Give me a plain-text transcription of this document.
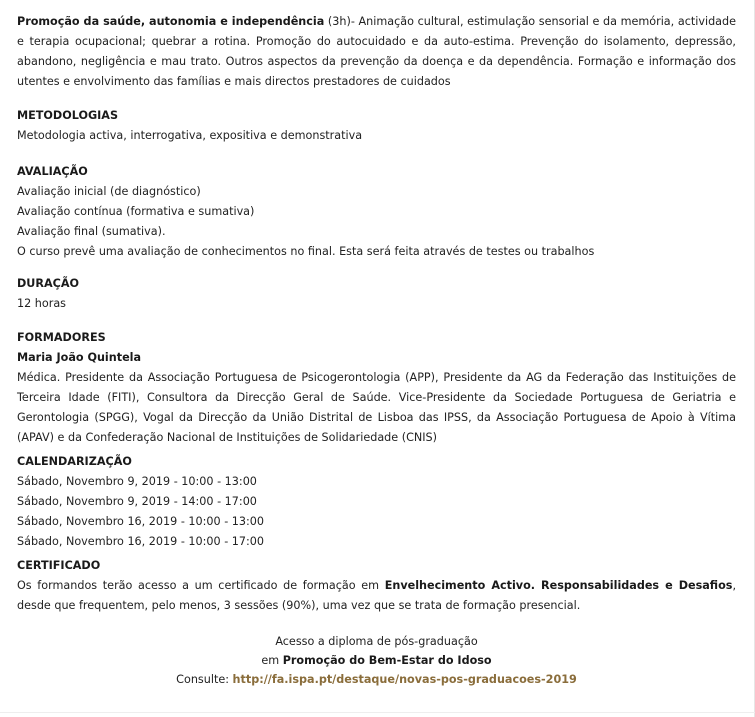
Promoção da saúde, autonomia e independência (3h)- Animação cultural, estimulação sensorial e da memória, actividade e terapia ocupacional; quebrar a rotina. Promoção do autocuidado e da auto-estima. Prevenção do isolamento, depressão, abandono, negligência e mau trato. Outros aspectos da prevenção da doença e da dependência. Formação e informação dos utentes e envolvimento das famílias e mais directos prestadores de cuidados

METODOLOGIAS

Metodologia activa, interrogativa, expositiva e demonstrativa

AVALIAÇÃO

Avaliação inicial (de diagnóstico)

Avaliação contínua (formativa e sumativa)

Avaliação final (sumativa).

O curso prevê uma avaliação de conhecimentos no final. Esta será feita através de testes ou trabalhos

DURAÇÃO

12 horas

FORMADORES

Maria João Quintela

Médica. Presidente da Associação Portuguesa de Psicogerontologia (APP), Presidente da AG da Federação das Instituições de Terceira Idade (FITI), Consultora da Direcção Geral de Saúde. Vice-Presidente da Sociedade Portuguesa de Geriatria e Gerontologia (SPGG), Vogal da Direcção da União Distrital de Lisboa das IPSS, da Associação Portuguesa de Apoio à Vítima (APAV) e da Confederação Nacional de Instituições de Solidariedade (CNIS)

CALENDARIZAÇÃO

Sábado, Novembro 9, 2019 - 10:00 - 13:00

Sábado, Novembro 9, 2019 - 14:00 - 17:00

Sábado, Novembro 16, 2019 - 10:00 - 13:00

Sábado, Novembro 16, 2019 - 10:00 - 17:00

CERTIFICADO

Os formandos terão acesso a um certificado de formação em Envelhecimento Activo. Responsabilidades e Desafios, desde que frequentem, pelo menos, 3 sessões (90%), uma vez que se trata de formação presencial.

Acesso a diploma de pós-graduação
em Promoção do Bem-Estar do Idoso
Consulte: http://fa.ispa.pt/destaque/novas-pos-graduacoes-2019
